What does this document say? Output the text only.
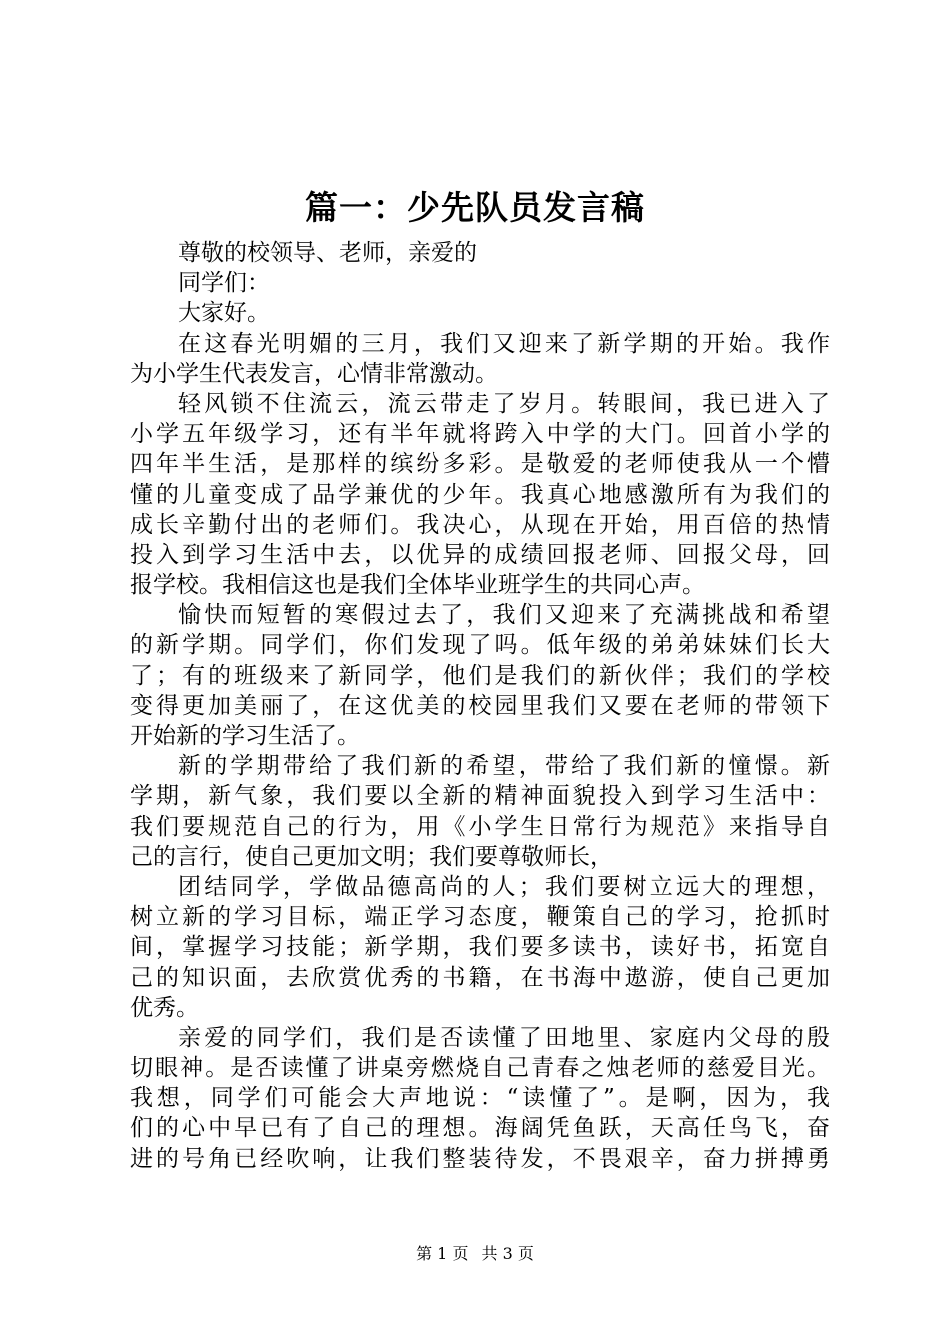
篇一：少先队员发言稿
尊敬的校领导、老师，亲爱的
同学们：
大家好。
在这春光明媚的三月，我们又迎来了新学期的开始。我作
为小学生代表发言，心情非常激动。
轻风锁不住流云，流云带走了岁月。转眼间，我已进入了
小学五年级学习，还有半年就将跨入中学的大门。回首小学的
四年半生活，是那样的缤纷多彩。是敬爱的老师使我从一个懵
懂的儿童变成了品学兼优的少年。我真心地感激所有为我们的
成长辛勤付出的老师们。我决心，从现在开始，用百倍的热情
投入到学习生活中去，以优异的成绩回报老师、回报父母，回
报学校。我相信这也是我们全体毕业班学生的共同心声。
愉快而短暂的寒假过去了，我们又迎来了充满挑战和希望
的新学期。同学们，你们发现了吗。低年级的弟弟妹妹们长大
了；有的班级来了新同学，他们是我们的新伙伴；我们的学校
变得更加美丽了，在这优美的校园里我们又要在老师的带领下
开始新的学习生活了。
新的学期带给了我们新的希望，带给了我们新的憧憬。新
学期，新气象，我们要以全新的精神面貌投入到学习生活中：
我们要规范自己的行为，用《小学生日常行为规范》来指导自
己的言行，使自己更加文明；我们要尊敬师长，
团结同学，学做品德高尚的人；我们要树立远大的理想，
树立新的学习目标，端正学习态度，鞭策自己的学习，抢抓时
间，掌握学习技能；新学期，我们要多读书，读好书，拓宽自
己的知识面，去欣赏优秀的书籍，在书海中遨游，使自己更加
优秀。
亲爱的同学们，我们是否读懂了田地里、家庭内父母的殷
切眼神。是否读懂了讲桌旁燃烧自己青春之烛老师的慈爱目光。
我想，同学们可能会大声地说：“读懂了”。是啊，因为，我
们的心中早已有了自己的理想。海阔凭鱼跃，天高任鸟飞，奋
进的号角已经吹响，让我们整装待发，不畏艰辛，奋力拼搏勇
第 1 页 共 3 页
